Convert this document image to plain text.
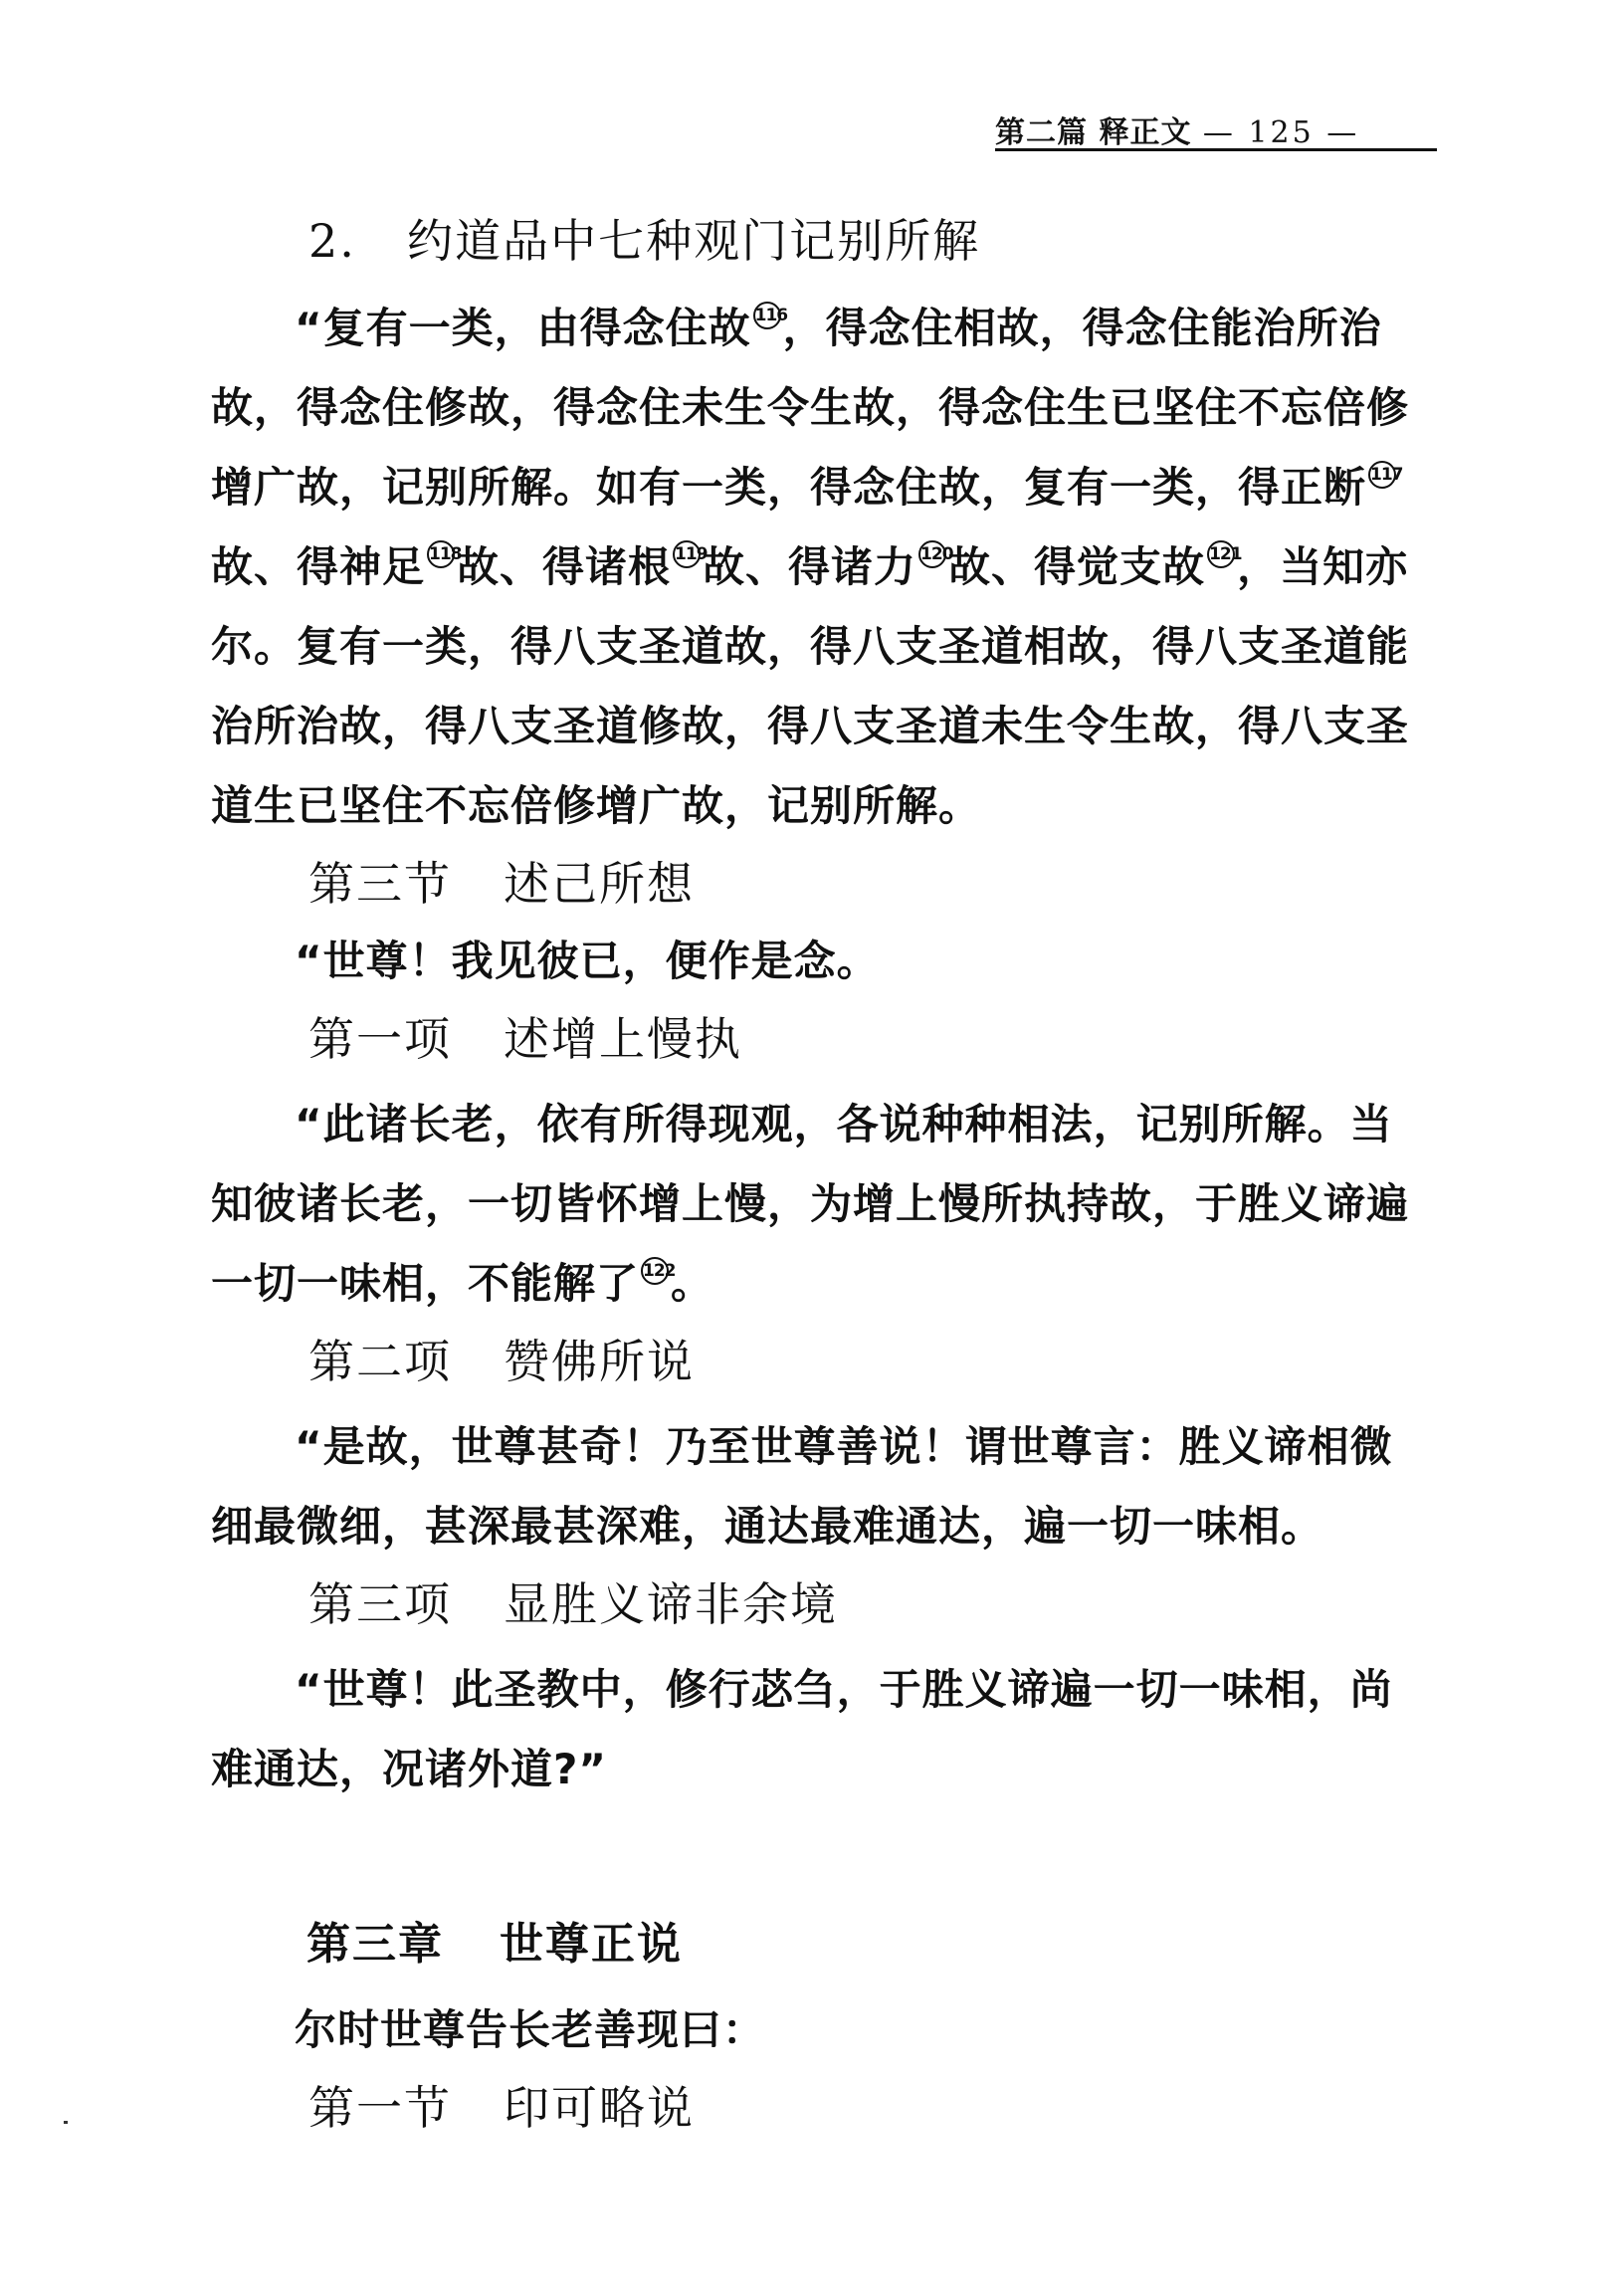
第二篇 释正文 — 125 —
2. 约道品中七种观门记别所解
“复有一类，由得念住故 $^{116}$，得念住相故，得念住能治所治
故，得念住修故，得念住未生令生故，得念住生已坚住不忘倍修
增广故，记别所解。如有一类，得念住故，复有一类，得正断 $^{117}$
故、得神足 $^{118}$故、得诸根 $^{119}$故、得诸力 $^{120}$故、得觉支故 $^{121}$，当知亦
尔。复有一类，得八支圣道故，得八支圣道相故，得八支圣道能
治所治故，得八支圣道修故，得八支圣道未生令生故，得八支圣
道生已坚住不忘倍修增广故，记别所解。
第三节 述己所想
“世尊！我见彼已，便作是念。
第一项 述增上慢执
“此诸长老，依有所得现观，各说种种相法，记别所解。当
知彼诸长老，一切皆怀增上慢，为增上慢所执持故，于胜义谛遍
一切一味相，不能解了 $^{122}$。
第二项 赞佛所说
“是故，世尊甚奇！乃至世尊善说！谓世尊言：胜义谛相微
细最微细，甚深最甚深难，通达最难通达，遍一切一味相。
第三项 显胜义谛非余境
“世尊！此圣教中，修行苾刍，于胜义谛遍一切一味相，尚
难通达，况诸外道?”
第三章 世尊正说
尔时世尊告长老善现曰：
第一节 印可略说
